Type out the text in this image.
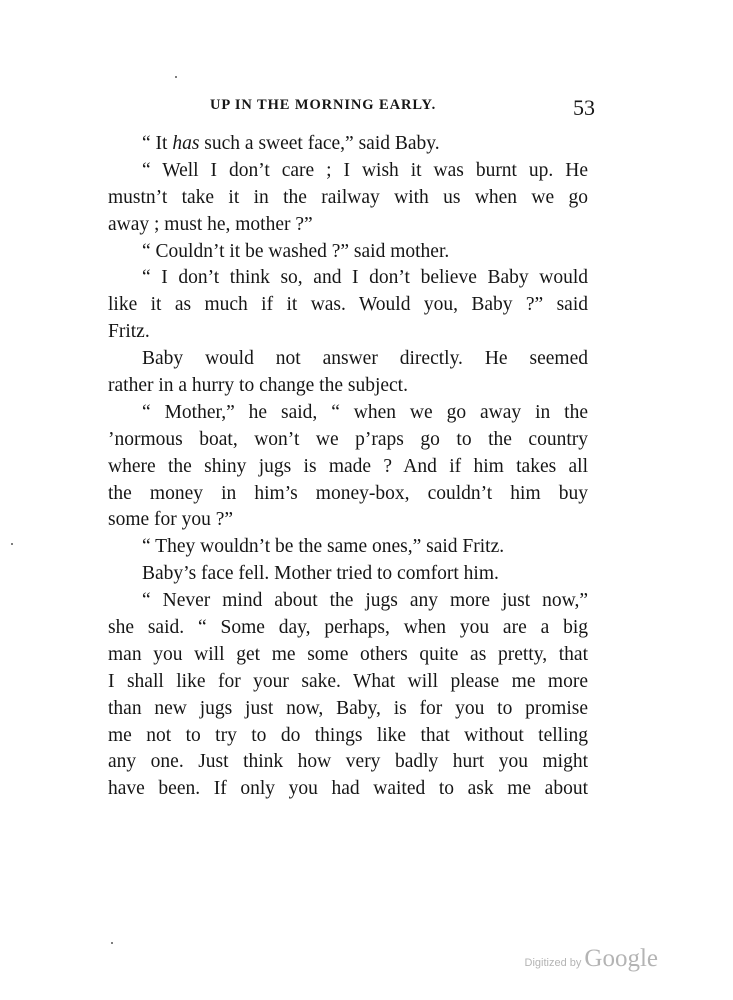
UP IN THE MORNING EARLY.	53
“ It has such a sweet face,” said Baby.
“ Well I don’t care ; I wish it was burnt up. He
mustn’t take it in the railway with us when we go
away ; must he, mother ?”
“ Couldn’t it be washed ?” said mother.
“ I don’t think so, and I don’t believe Baby would
like it as much if it was. Would you, Baby ?” said
Fritz.
Baby would not answer directly. He seemed
rather in a hurry to change the subject.
“ Mother,” he said, “ when we go away in the
’normous boat, won’t we p’raps go to the country
where the shiny jugs is made ? And if him takes all
the money in him’s money-box, couldn’t him buy
some for you ?”
“ They wouldn’t be the same ones,” said Fritz.
Baby’s face fell. Mother tried to comfort him.
“ Never mind about the jugs any more just now,”
she said. “ Some day, perhaps, when you are a big
man you will get me some others quite as pretty, that
I shall like for your sake. What will please me more
than new jugs just now, Baby, is for you to promise
me not to try to do things like that without telling
any one. Just think how very badly hurt you might
have been. If only you had waited to ask me about
Digitized by Google
